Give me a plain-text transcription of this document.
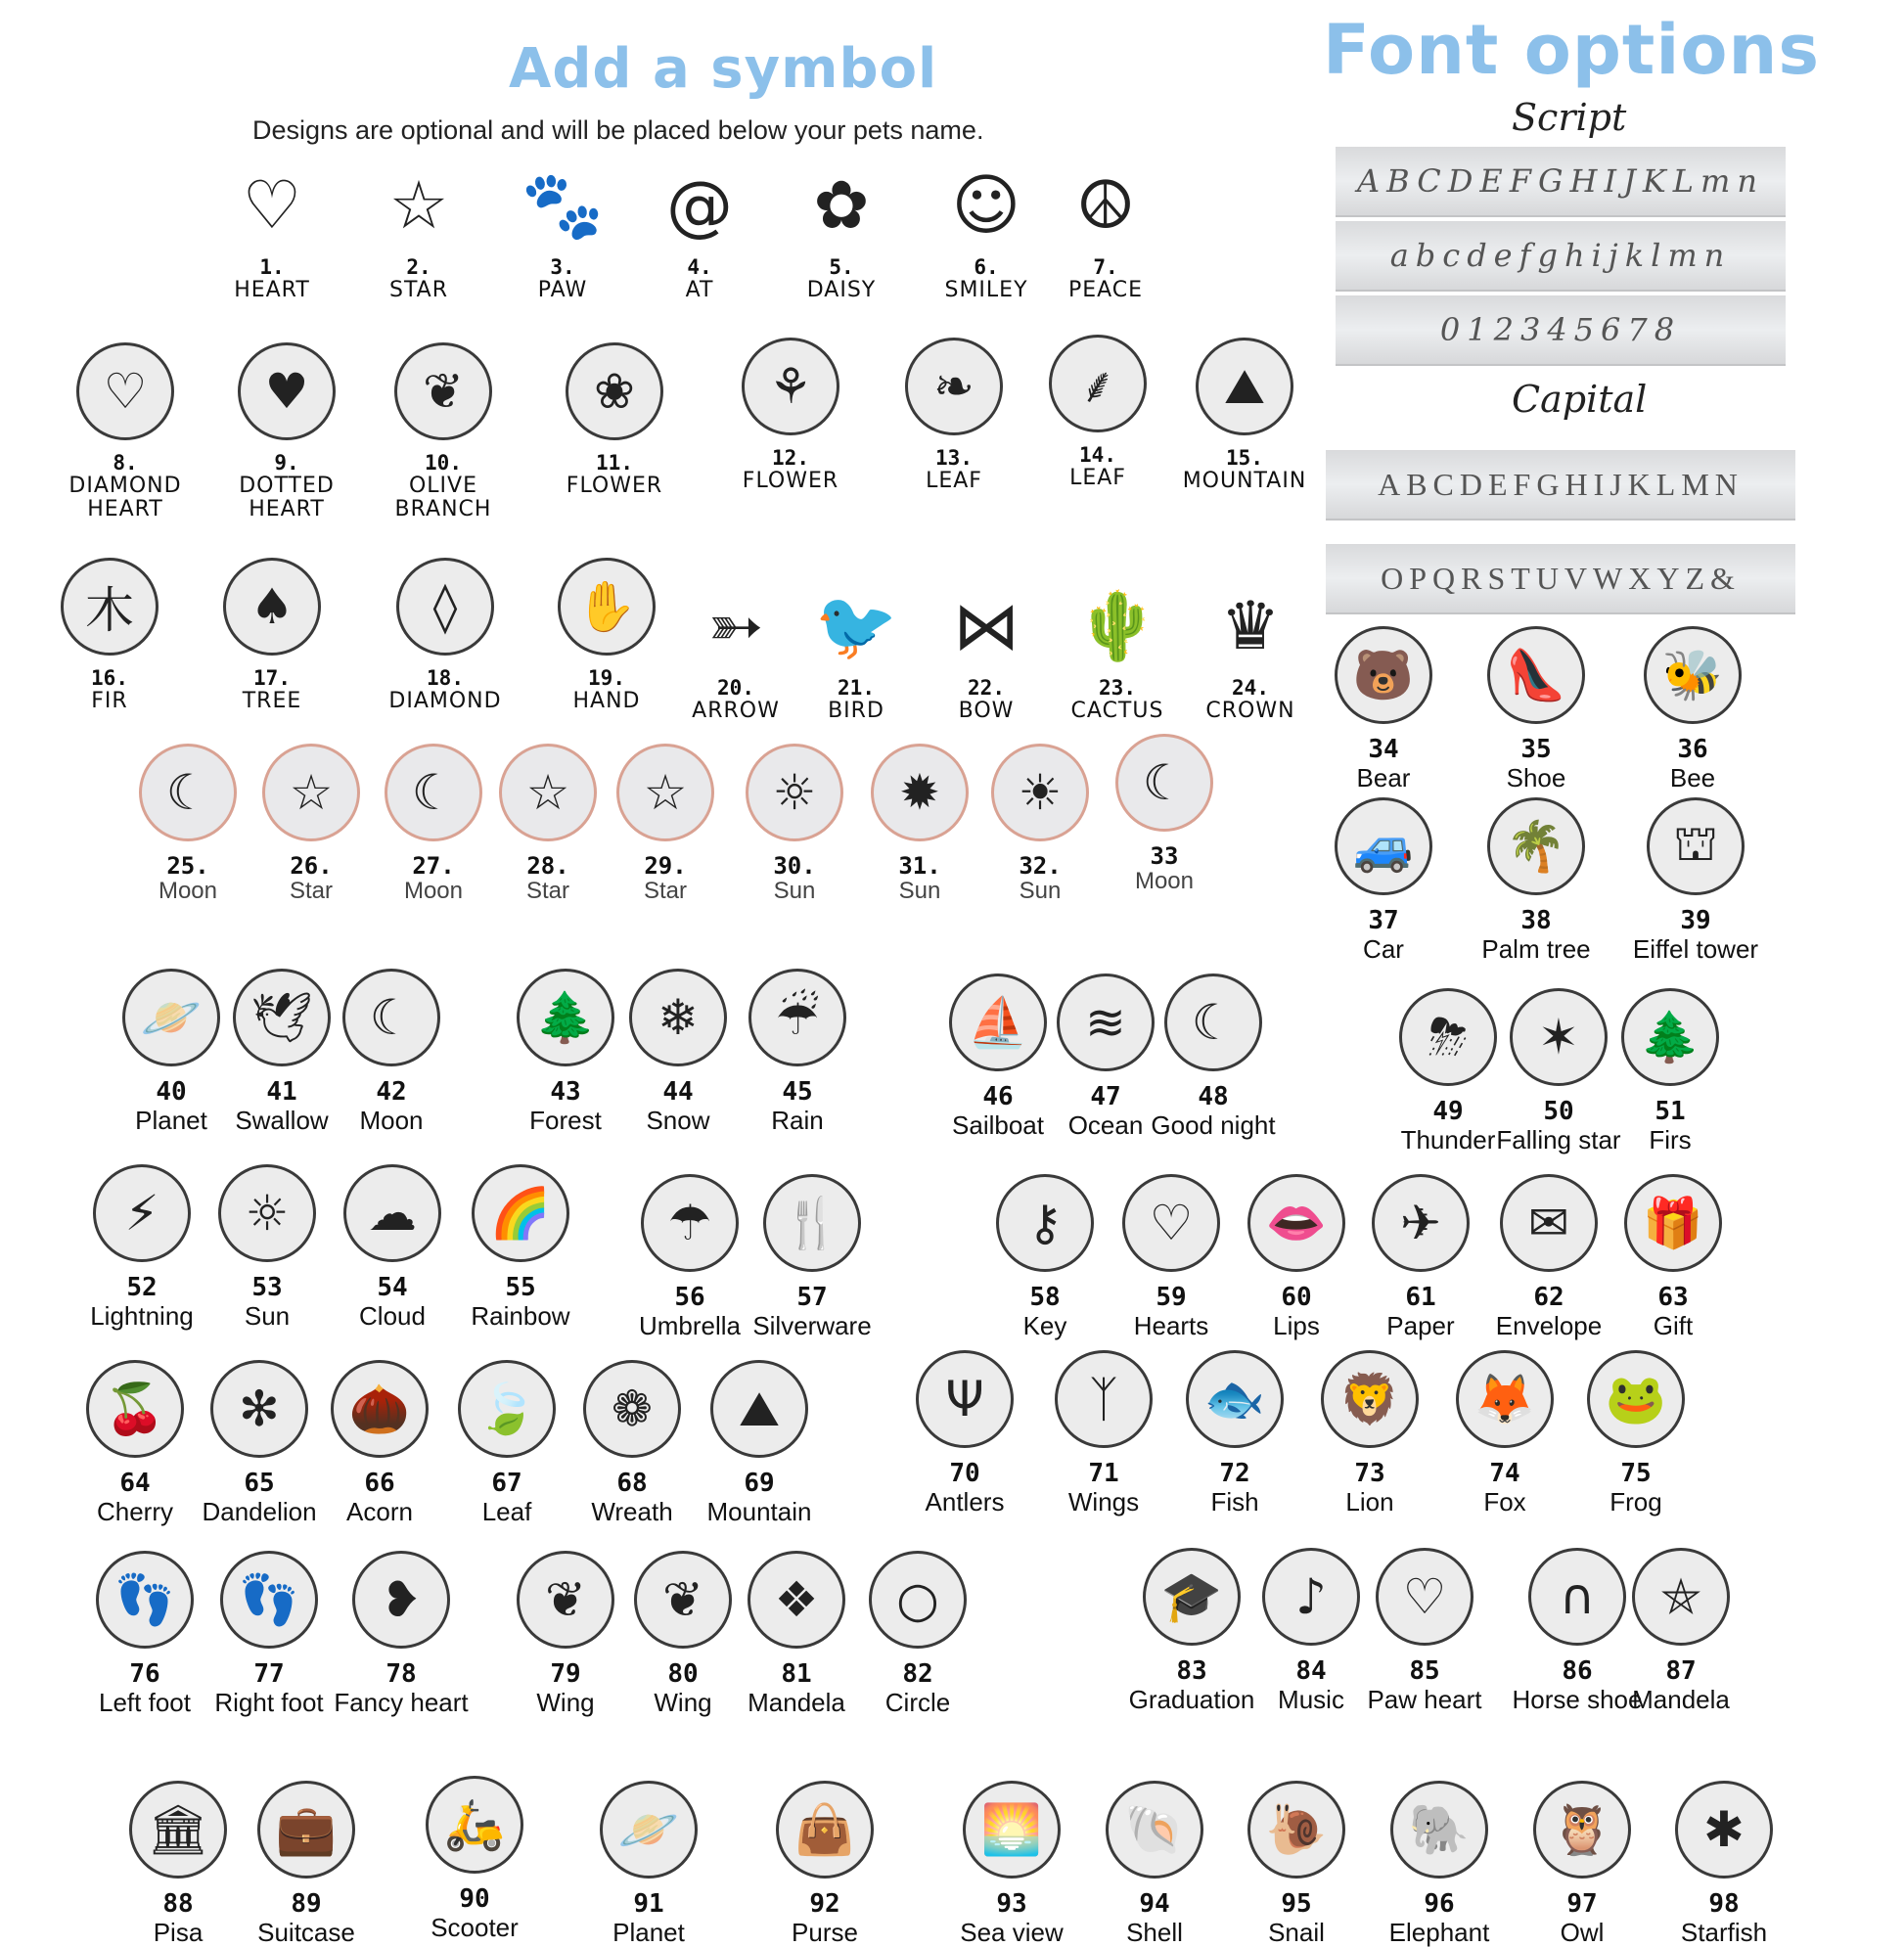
Add a symbol
Designs are optional and will be placed below your pets name.
Font options
Script
ABCDEFGHIJKLmn
abcdefghijklmn
012345678
Capital
ABCDEFGHIJKLMN
OPQRSTUVWXYZ&
♡
1.
HEART
☆
2.
STAR
🐾
3.
PAW
@
4.
AT
✿
5.
DAISY
☺
6.
SMILEY
☮
7.
PEACE
♡
8.
DIAMOND HEART
♥
9.
DOTTED HEART
❦
10.
OLIVE BRANCH
❀
11.
FLOWER
⚘
12.
FLOWER
❧
13.
LEAF
⸙
14.
LEAF
⛰
15.
MOUNTAIN
⽊
16.
FIR
♠
17.
TREE
◊
18.
DIAMOND
✋
19.
HAND
➳
20.
ARROW
🐦
21.
BIRD
⋈
22.
BOW
🌵
23.
CACTUS
♛
24.
CROWN
☾
25.
Moon
☆
26.
Star
☾
27.
Moon
☆
28.
Star
☆
29.
Star
☼
30.
Sun
✹
31.
Sun
☀
32.
Sun
☾
33
Moon
🐻
34
Bear
👠
35
Shoe
🐝
36
Bee
🚙
37
Car
🌴
38
Palm tree
⛫
39
Eiffel tower
🪐
40
Planet
🕊
41
Swallow
☾
42
Moon
🌲
43
Forest
❄
44
Snow
☔
45
Rain
⛵
46
Sailboat
≋
47
Ocean
☾
48
Good night
⛈
49
Thunder
✶
50
Falling star
🌲
51
Firs
⚡
52
Lightning
☼
53
Sun
☁
54
Cloud
🌈
55
Rainbow
☂
56
Umbrella
🍴
57
Silverware
⚷
58
Key
♡
59
Hearts
👄
60
Lips
✈
61
Paper
✉
62
Envelope
🎁
63
Gift
🍒
64
Cherry
✻
65
Dandelion
🌰
66
Acorn
🍃
67
Leaf
❁
68
Wreath
⛰
69
Mountain
Ψ
70
Antlers
ᛉ
71
Wings
🐟
72
Fish
🦁
73
Lion
🦊
74
Fox
🐸
75
Frog
👣
76
Left foot
👣
77
Right foot
❥
78
Fancy heart
❦
79
Wing
❦
80
Wing
❖
81
Mandela
○
82
Circle
🎓
83
Graduation
♪
84
Music
♡
85
Paw heart
∩
86
Horse shoe
⛤
87
Mandela
🏛
88
Pisa
💼
89
Suitcase
🛵
90
Scooter
🪐
91
Planet
👜
92
Purse
🌅
93
Sea view
🐚
94
Shell
🐌
95
Snail
🐘
96
Elephant
🦉
97
Owl
✱
98
Starfish
